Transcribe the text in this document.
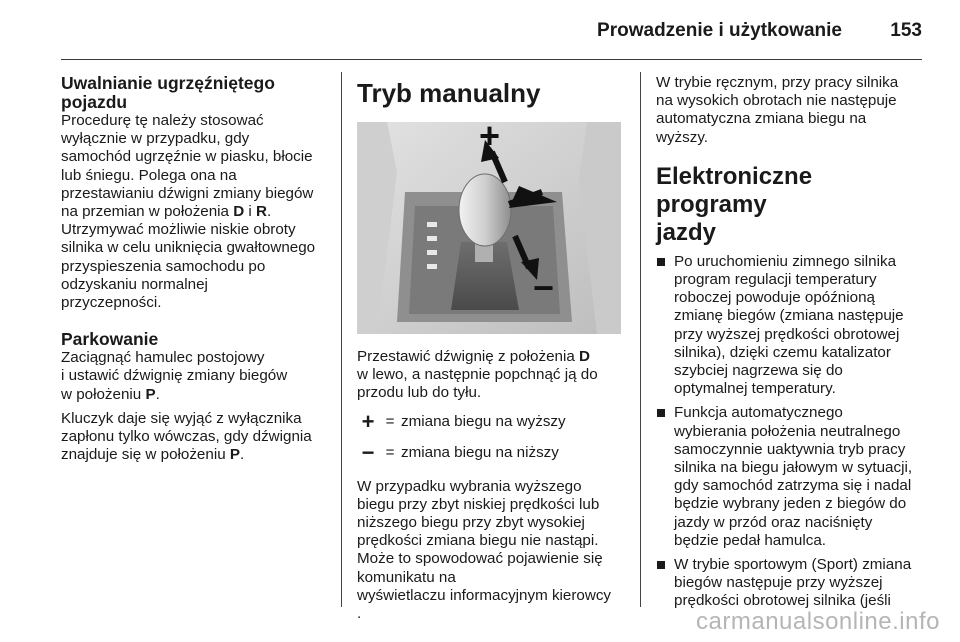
Prowadzenie i użytkowanie	153
Uwalnianie ugrzęźniętego pojazdu
Procedurę tę należy stosować
wyłącznie w przypadku, gdy
samochód ugrzęźnie w piasku, błocie
lub śniegu. Polega ona na
przestawianiu dźwigni zmiany biegów
na przemian w położenia D i R.
Utrzymywać możliwie niskie obroty
silnika w celu uniknięcia gwałtownego
przyspieszenia samochodu po
odzyskaniu normalnej
przyczepności.
Parkowanie
Zaciągnąć hamulec postojowy
i ustawić dźwignię zmiany biegów
w położeniu P.
Kluczyk daje się wyjąć z wyłącznika
zapłonu tylko wówczas, gdy dźwignia
znajduje się w położeniu P.
Tryb manualny
+
−
Przestawić dźwignię z położenia D
w lewo, a następnie popchnąć ją do
przodu lub do tyłu.
+ = zmiana biegu na wyższy
− = zmiana biegu na niższy
W przypadku wybrania wyższego
biegu przy zbyt niskiej prędkości lub
niższego biegu przy zbyt wysokiej
prędkości zmiana biegu nie nastąpi.
Może to spowodować pojawienie się
komunikatu na
wyświetlaczu informacyjnym kierowcy
.
W trybie ręcznym, przy pracy silnika
na wysokich obrotach nie następuje
automatyczna zmiana biegu na
wyższy.
Elektroniczne programy
jazdy
Po uruchomieniu zimnego silnika
program regulacji temperatury
roboczej powoduje opóźnioną
zmianę biegów (zmiana następuje
przy wyższej prędkości obrotowej
silnika), dzięki czemu katalizator
szybciej nagrzewa się do
optymalnej temperatury.
Funkcja automatycznego
wybierania położenia neutralnego
samoczynnie uaktywnia tryb pracy
silnika na biegu jałowym w sytuacji,
gdy samochód zatrzyma się i nadal
będzie wybrany jeden z biegów do
jazdy w przód oraz naciśnięty
będzie pedał hamulca.
W trybie sportowym (Sport) zmiana
biegów następuje przy wyższej
prędkości obrotowej silnika (jeśli
carmanualsonline.info
